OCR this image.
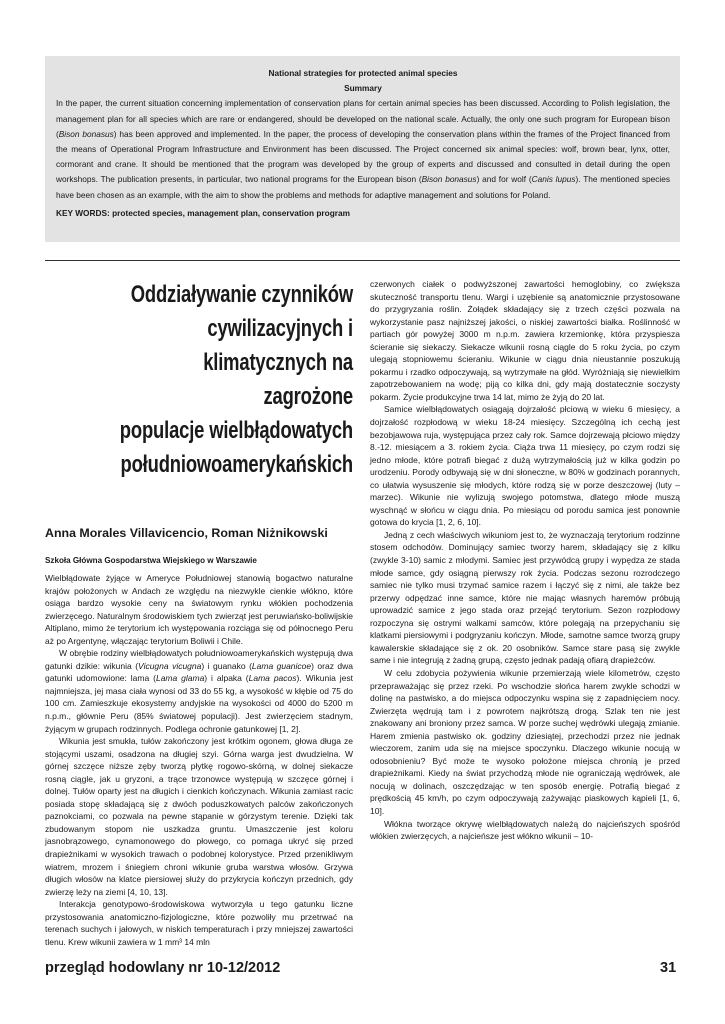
National strategies for protected animal species

Summary

In the paper, the current situation concerning implementation of conservation plans for certain animal species has been discussed. According to Polish legislation, the management plan for all species which are rare or endangered, should be developed on the national scale. Actually, the only one such program for European bison (Bison bonasus) has been approved and implemented. In the paper, the process of developing the conservation plans within the frames of the Project financed from the means of Operational Program Infrastructure and Environment has been discussed. The Project concerned six animal species: wolf, brown bear, lynx, otter, cormorant and crane. It should be mentioned that the program was developed by the group of experts and discussed and consulted in detail during the open workshops. The publication presents, in particular, two national programs for the European bison (Bison bonasus) and for wolf (Canis lupus). The mentioned species have been chosen as an example, with the aim to show the problems and methods for adaptive management and solutions for Poland.

KEY WORDS: protected species, management plan, conservation program

Oddziaływanie czynników
cywilizacyjnych i
klimatycznych na zagrożone
populacje wielbłądowatych
południowoamerykańskich

Anna Morales Villavicencio, Roman Niżnikowski

Szkoła Główna Gospodarstwa Wiejskiego w Warszawie

Wielbłądowate żyjące w Ameryce Południowej stanowią bogactwo naturalne krajów położonych w Andach ze względu na niezwykle cienkie włókno, które osiąga bardzo wysokie ceny na światowym rynku włókien pochodzenia zwierzęcego. Naturalnym środowiskiem tych zwierząt jest peruwiańsko-boliwijskie Altiplano, mimo że terytorium ich występowania rozciąga się od północnego Peru aż po Argentynę, włączając terytorium Boliwii i Chile.

W obrębie rodziny wielbłądowatych południowoamerykańskich występują dwa gatunki dzikie: wikunia (Vicugna vicugna) i guanako (Lama guanicoe) oraz dwa gatunki udomowione: lama (Lama glama) i alpaka (Lama pacos). Wikunia jest najmniejsza, jej masa ciała wynosi od 33 do 55 kg, a wysokość w kłębie od 75 do 100 cm. Zamieszkuje ekosystemy andyjskie na wysokości od 4000 do 5200 m n.p.m., głównie Peru (85% światowej populacji). Jest zwierzęciem stadnym, żyjącym w grupach rodzinnych. Podlega ochronie gatunkowej [1, 2].

Wikunia jest smukła, tułów zakończony jest krótkim ogonem, głowa długa ze stojącymi uszami, osadzona na długiej szyi. Górna warga jest dwudzielna. W górnej szczęce niższe zęby tworzą płytkę rogowo-skórną, w dolnej siekacze rosną ciągle, jak u gryzoni, a trące trzonowce występują w szczęce górnej i dolnej. Tułów oparty jest na długich i cienkich kończynach. Wikunia zamiast racic posiada stopę składającą się z dwóch poduszkowatych palców zakończonych paznokciami, co pozwala na pewne stąpanie w górzystym terenie. Dzięki tak zbudowanym stopom nie uszkadza gruntu. Umaszczenie jest koloru jasnobrązowego, cynamonowego do płowego, co pomaga ukryć się przed drapieżnikami w wysokich trawach o podobnej kolorystyce. Przed przenikliwym wiatrem, mrozem i śniegiem chroni wikunie gruba warstwa włosów. Grzywa długich włosów na klatce piersiowej służy do przykrycia kończyn przednich, gdy zwierzę leży na ziemi [4, 10, 13].

Interakcja genotypowo-środowiskowa wytworzyła u tego gatunku liczne przystosowania anatomiczno-fizjologiczne, które pozwoliły mu przetrwać na terenach suchych i jałowych, w niskich temperaturach i przy mniejszej zawartości tlenu. Krew wikunii zawiera w 1 mm³ 14 mln

czerwonych ciałek o podwyższonej zawartości hemoglobiny, co zwiększa skuteczność transportu tlenu. Wargi i uzębienie są anatomicznie przystosowane do przygryzania roślin. Żołądek składający się z trzech części pozwala na wykorzystanie pasz najniższej jakości, o niskiej zawartości białka. Roślinność w partiach gór powyżej 3000 m n.p.m. zawiera krzemionkę, która przyspiesza ścieranie się siekaczy. Siekacze wikunii rosną ciągle do 5 roku życia, po czym ulegają stopniowemu ścieraniu. Wikunie w ciągu dnia nieustannie poszukują pokarmu i rzadko odpoczywają, są wytrzymałe na głód. Wyróżniają się niewielkim zapotrzebowaniem na wodę; piją co kilka dni, gdy mają dostatecznie soczysty pokarm. Życie produkcyjne trwa 14 lat, mimo że żyją do 20 lat.

Samice wielbłądowatych osiągają dojrzałość płciową w wieku 6 miesięcy, a dojrzałość rozpłodową w wieku 18-24 miesięcy. Szczególną ich cechą jest bezobjawowa ruja, występująca przez cały rok. Samce dojrzewają płciowo między 8.-12. miesiącem a 3. rokiem życia. Ciąża trwa 11 miesięcy, po czym rodzi się jedno młode, które potrafi biegać z dużą wytrzymałością już w kilka godzin po urodzeniu. Porody odbywają się w dni słoneczne, w 80% w godzinach porannych, co ułatwia wysuszenie się młodych, które rodzą się w porze deszczowej (luty – marzec). Wikunie nie wylizują swojego potomstwa, dlatego młode muszą wyschnąć w słońcu w ciągu dnia. Po miesiącu od porodu samica jest ponownie gotowa do krycia [1, 2, 6, 10].

Jedną z cech właściwych wikuniom jest to, że wyznaczają terytorium rodzinne stosem odchodów. Dominujący samiec tworzy harem, składający się z kilku (zwykle 3-10) samic z młodymi. Samiec jest przywódcą grupy i wypędza ze stada młode samce, gdy osiągną pierwszy rok życia. Podczas sezonu rozrodczego samiec nie tylko musi trzymać samice razem i łączyć się z nimi, ale także bez przerwy odpędzać inne samce, które nie mając własnych haremów próbują uprowadzić samice z jego stada oraz przejąć terytorium. Sezon rozpłodowy rozpoczyna się ostrymi walkami samców, które polegają na przepychaniu się klatkami piersiowymi i podgryzaniu kończyn. Młode, samotne samce tworzą grupy kawalerskie składające się z ok. 20 osobników. Samce stare pasą się zwykle same i nie integrują z żadną grupą, często jednak padają ofiarą drapieżców.

W celu zdobycia pożywienia wikunie przemierzają wiele kilometrów, często przepraważając się przez rzeki. Po wschodzie słońca harem zwykle schodzi w dolinę na pastwisko, a do miejsca odpoczynku wspina się z zapadnięciem nocy. Zwierzęta wędrują tam i z powrotem najkrótszą drogą. Szlak ten nie jest znakowany ani broniony przez samca. W porze suchej wędrówki ulegają zmianie. Harem zmienia pastwisko ok. godziny dziesiątej, przechodzi przez nie jednak wieczorem, zanim uda się na miejsce spoczynku. Dlaczego wikunie nocują w odosobnieniu? Być może te wysoko położone miejsca chronią je przed drapieżnikami. Kiedy na świat przychodzą młode nie ograniczają wędrówek, ale nocują w dolinach, oszczędzając w ten sposób energię. Potrafią biegać z prędkością 45 km/h, po czym odpoczywają zażywając piaskowych kąpieli [1, 6, 10].

Włókna tworzące okrywę wielbłądowatych należą do najcieńszych spośród włókien zwierzęcych, a najcieńsze jest włókno wikunii – 10-

przegląd hodowlany nr 10-12/2012	31
